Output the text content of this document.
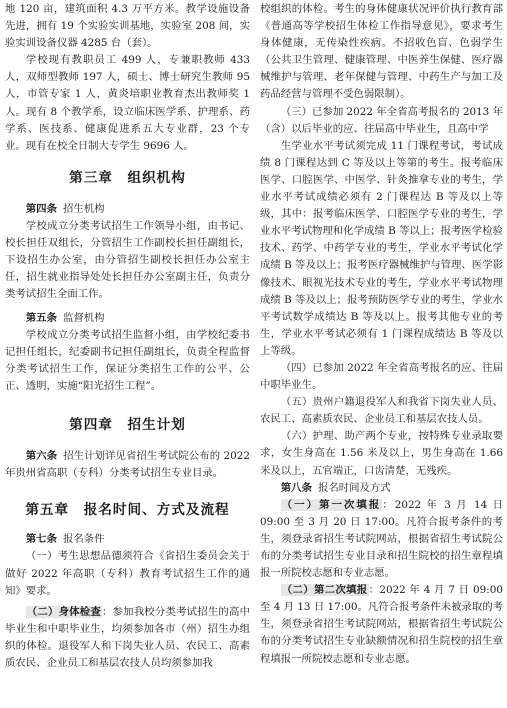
地 120 亩，建筑面积 4.3 万平方米。教学设施设备先进，拥有 19 个实验实训基地，实验室 208 间，实验实训设备仪器 4285 台（套）。

学校现有教职员工 499 人，专兼职教师 433 人，双师型教师 197 人，硕士、博士研究生教师 95 人，市管专家 1 人，黄炎培职业教育杰出教师奖 1 人。现有 8 个教学系，设立临床医学系、护理系、药学系、医技系、健康促进系五大专业群，23 个专业。现有在校全日制大专学生 9696 人。

第三章　组织机构

第四条 招生机构

学校成立分类考试招生工作领导小组，由书记、校长担任双组长，分管招生工作副校长担任副组长，下设招生办公室，由分管招生副校长担任办公室主任，招生就业指导处处长担任办公室副主任，负责分类考试招生全面工作。

第五条 监督机构

学校成立分类考试招生监督小组，由学校纪委书记担任组长，纪委副书记担任副组长，负责全程监督分类考试招生工作，保证分类招生工作的公平、公正、透明，实施“阳光招生工程”。

第四章　招生计划

第六条 招生计划详见省招生考试院公布的 2022 年贵州省高职（专科）分类考试招生专业目录。

第五章　报名时间、方式及流程

第七条 报名条件

（一）考生思想品德须符合《省招生委员会关于做好 2022 年高职（专科）教育考试招生工作的通知》要求。

（二）身体检查：参加我校分类考试招生的高中毕业生和中职毕业生，均须参加各市（州）招生办组织的体检。退役军人和下岗失业人员、农民工、高素质农民、企业员工和基层农技人员均须参加我

校组织的体检。考生的身体健康状况评价执行教育部《普通高等学校招生体检工作指导意见》，要求考生身体健康，无传染性疾病。不招收色盲、色弱学生（公共卫生管理、健康管理、中医养生保健、医疗器械维护与管理、老年保健与管理、中药生产与加工及药品经营与管理不受色弱限制）。

（三）已参加 2022 年全省高考报名的 2013 年（含）以后毕业的应、往届高中毕业生，且高中学

生学业水平考试须完成 11 门课程考试，考试成绩 8 门课程达到 C 等及以上等第的考生。报考临床医学、口腔医学、中医学、针灸推拿专业的考生，学业水平考试成绩必须有 2 门课程达 B 等及以上等级，其中：报考临床医学、口腔医学专业的考生，学业水平考试物理和化学成绩 B 等以上；报考医学检验技术、药学、中药学专业的考生，学业水平考试化学成绩 B 等及以上；报考医疗器械维护与管理、医学影像技术、眼视光技术专业的考生，学业水平考试物理成绩 B 等及以上；报考预防医学专业的考生，学业水平考试数学成绩达 B 等及以上。报考其他专业的考生，学业水平考试必须有 1 门课程成绩达 B 等及以上等级。

（四）已参加 2022 年全省高考报名的应、往届中职毕业生。

（五）贵州户籍退役军人和我省下岗失业人员、农民工、高素质农民、企业员工和基层农技人员。

（六）护理、助产两个专业，按特殊专业录取要求，女生身高在 1.56 米及以上，男生身高在 1.66 米及以上，五官端正，口齿清楚，无残疾。

第八条 报名时间及方式

（一）第一次填报：2022 年 3 月 14 日 09:00 至 3 月 20 日 17:00。凡符合报考条件的考生，须登录省招生考试院网站，根据省招生考试院公布的分类考试招生专业目录和招生院校的招生章程填报一所院校志愿和专业志愿。

（二）第二次填报：2022 年 4 月 7 日 09:00 至 4 月 13 日 17:00。凡符合报考条件未被录取的考生，须登录省招生考试院网站，根据省招生考试院公布的分类考试招生专业缺额情况和招生院校的招生章程填报一所院校志愿和专业志愿。
